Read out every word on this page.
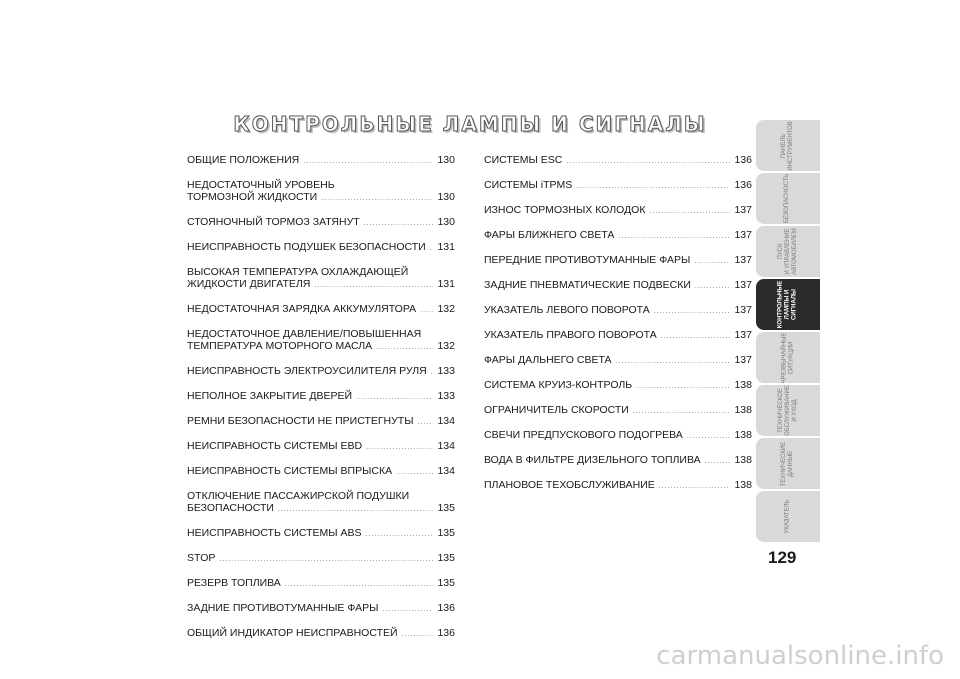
КОНТРОЛЬНЫЕ ЛАМПЫ И СИГНАЛЫ
ОБЩИЕ ПОЛОЖЕНИЯ .....	130
НЕДОСТАТОЧНЫЙ УРОВЕНЬ
ТОРМОЗНОЙ ЖИДКОСТИ .....	130
СТОЯНОЧНЫЙ ТОРМОЗ ЗАТЯНУТ .....	130
НЕИСПРАВНОСТЬ ПОДУШЕК БЕЗОПАСНОСТИ ..... 131
ВЫСОКАЯ ТЕМПЕРАТУРА ОХЛАЖДАЮЩЕЙ
ЖИДКОСТИ ДВИГАТЕЛЯ .....	131
НЕДОСТАТОЧНАЯ ЗАРЯДКА АККУМУЛЯТОРА ..... 132
НЕДОСТАТОЧНОЕ ДАВЛЕНИЕ/ПОВЫШЕННАЯ
ТЕМПЕРАТУРА МОТОРНОГО МАСЛА .....	132
НЕИСПРАВНОСТЬ ЭЛЕКТРОУСИЛИТЕЛЯ РУЛЯ ..... 133
НЕПОЛНОЕ ЗАКРЫТИЕ ДВЕРЕЙ .....	133
РЕМНИ БЕЗОПАСНОСТИ НЕ ПРИСТЕГНУТЫ ..... 134
НЕИСПРАВНОСТЬ СИСТЕМЫ EBD .....	134
НЕИСПРАВНОСТЬ СИСТЕМЫ ВПРЫСКА .....	134
ОТКЛЮЧЕНИЕ ПАССАЖИРСКОЙ ПОДУШКИ
БЕЗОПАСНОСТИ .....	135
НЕИСПРАВНОСТЬ СИСТЕМЫ ABS .....	135
STOP .....	135
РЕЗЕРВ ТОПЛИВА .....	135
ЗАДНИЕ ПРОТИВОТУМАННЫЕ ФАРЫ .....	136
ОБЩИЙ ИНДИКАТОР НЕИСПРАВНОСТЕЙ .....	136
СИСТЕМЫ ESC .....	136
СИСТЕМЫ iTPMS .....	136
ИЗНОС ТОРМОЗНЫХ КОЛОДОК .....	137
ФАРЫ БЛИЖНЕГО СВЕТА .....	137
ПЕРЕДНИЕ ПРОТИВОТУМАННЫЕ ФАРЫ .....	137
ЗАДНИЕ ПНЕВМАТИЧЕСКИЕ ПОДВЕСКИ .....	137
УКАЗАТЕЛЬ ЛЕВОГО ПОВОРОТА .....	137
УКАЗАТЕЛЬ ПРАВОГО ПОВОРОТА .....	137
ФАРЫ ДАЛЬНЕГО СВЕТА .....	137
СИСТЕМА КРУИЗ-КОНТРОЛЬ .....	138
ОГРАНИЧИТЕЛЬ СКОРОСТИ .....	138
СВЕЧИ ПРЕДПУСКОВОГО ПОДОГРЕВА .....	138
ВОДА В ФИЛЬТРЕ ДИЗЕЛЬНОГО ТОПЛИВА .....	138
ПЛАНОВОЕ ТЕХОБСЛУЖИВАНИЕ .....	138
ПАНЕЛЬ
ИНСТРУМЕНТОВ
БЕЗОПАСНОСТЬ
ПУСК
И УПРАВЛЕНИЕ
АВТОМОБИЛЕМ
КОНТРОЛЬНЫЕ
ЛАМПЫ И
СИГНАЛЫ
ЧРЕЗВЫЧАЙНЫЕ
СИТУАЦИИ
ТЕХНИЧЕСКОЕ
ОБСЛУЖИВАНИЕ
И УХОД
ТЕХНИЧЕСКИЕ
ДАННЫЕ
УКАЗАТЕЛЬ
129
carmanualsonline.info
